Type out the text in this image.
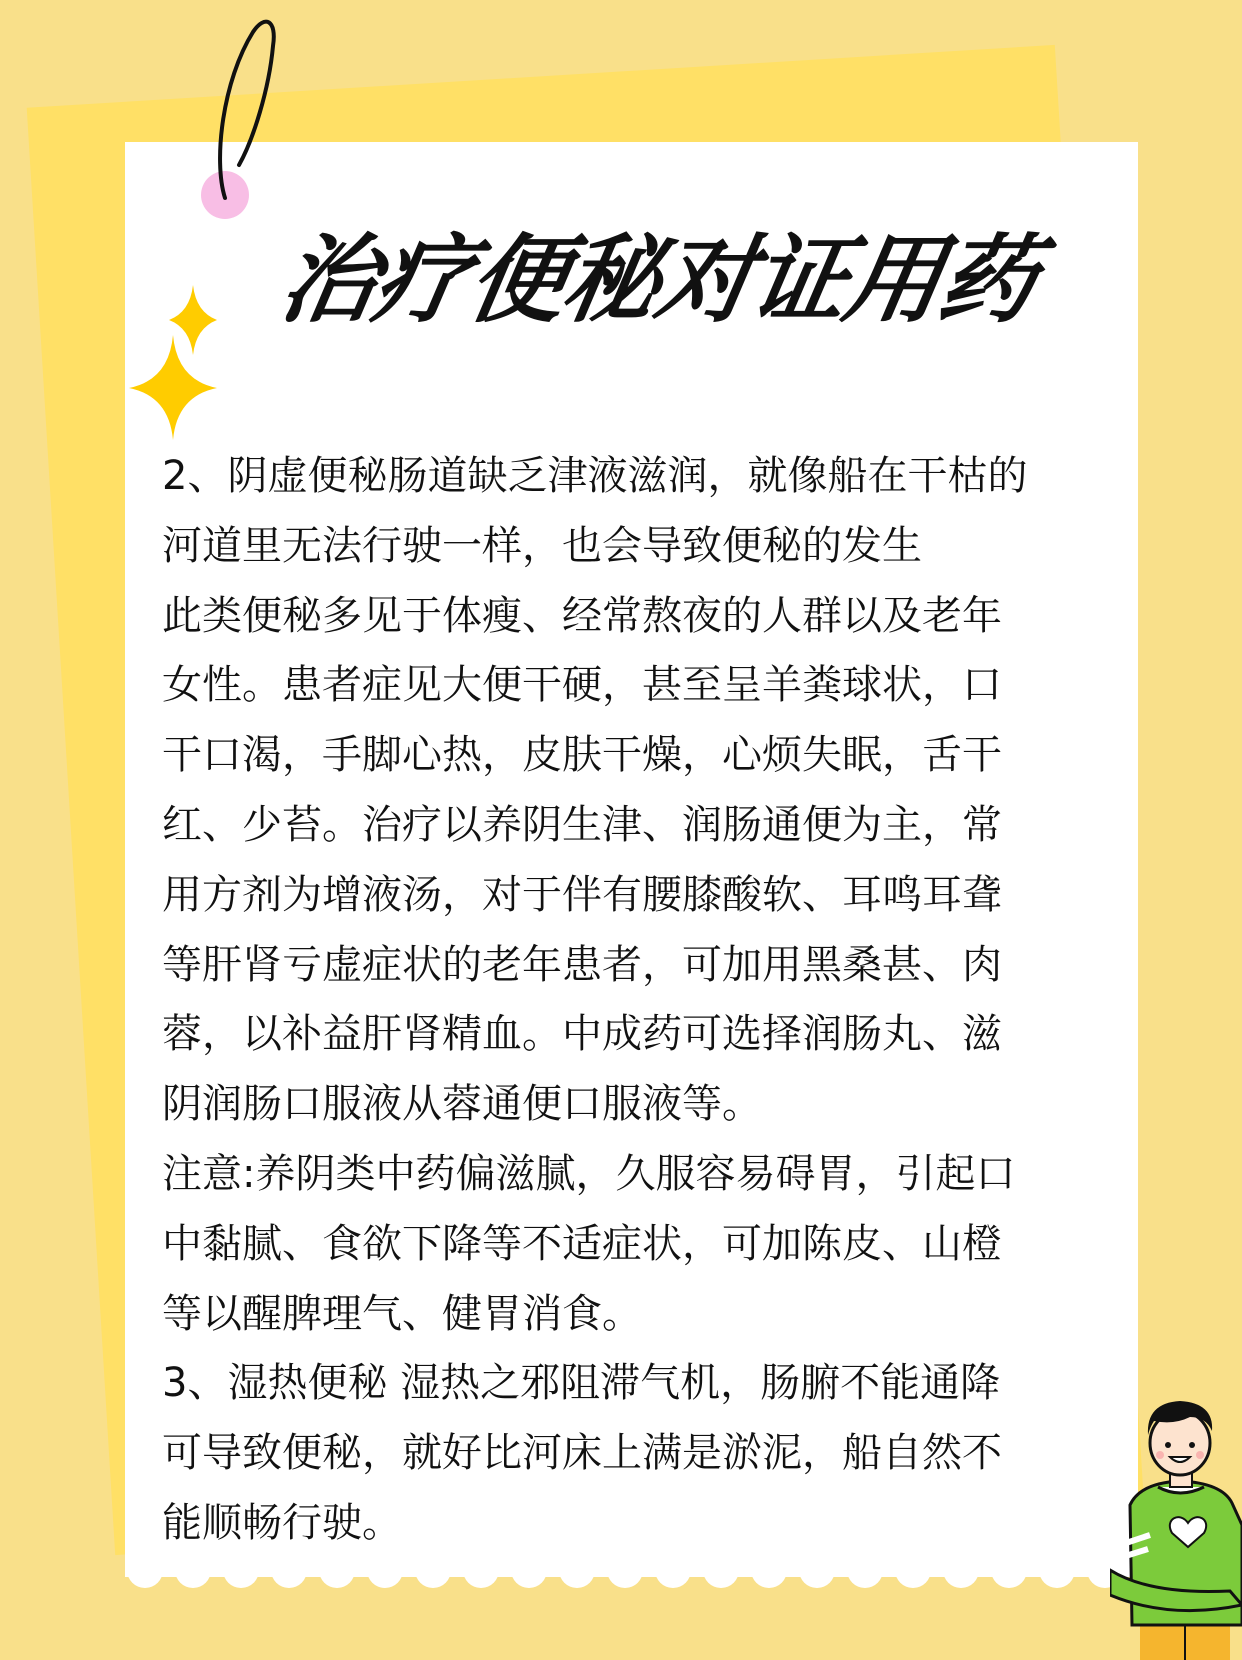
治疗便秘对证用药

2、阴虚便秘肠道缺乏津液滋润，就像船在干枯的
河道里无法行驶一样，也会导致便秘的发生

此类便秘多见于体瘦、经常熬夜的人群以及老年
女性。患者症见大便干硬，甚至呈羊粪球状，口
干口渴，手脚心热，皮肤干燥，心烦失眠，舌干
红、少苔。治疗以养阴生津、润肠通便为主，常
用方剂为增液汤，对于伴有腰膝酸软、耳鸣耳聋
等肝肾亏虚症状的老年患者，可加用黑桑甚、肉
蓉，以补益肝肾精血。中成药可选择润肠丸、滋
阴润肠口服液从蓉通便口服液等。

注意:养阴类中药偏滋腻，久服容易碍胃，引起口
中黏腻、食欲下降等不适症状，可加陈皮、山橙
等以醒脾理气、健胃消食。

3、湿热便秘 湿热之邪阻滞气机，肠腑不能通降
可导致便秘，就好比河床上满是淤泥，船自然不
能顺畅行驶。
